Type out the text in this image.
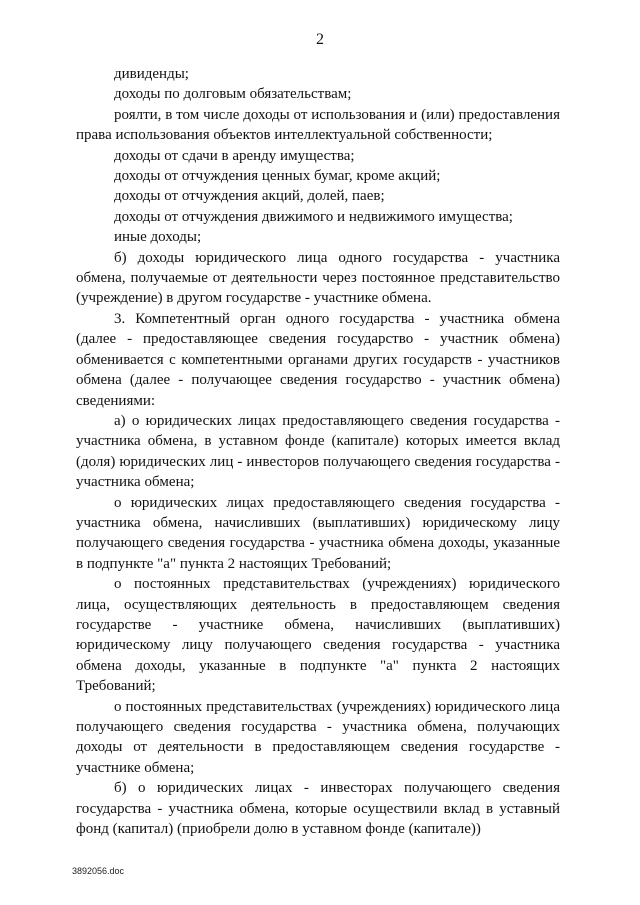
2

дивиденды;

доходы по долговым обязательствам;

роялти, в том числе доходы от использования и (или) предоставления права использования объектов интеллектуальной собственности;

доходы от сдачи в аренду имущества;

доходы от отчуждения ценных бумаг, кроме акций;

доходы от отчуждения акций, долей, паев;

доходы от отчуждения движимого и недвижимого имущества;

иные доходы;

б) доходы юридического лица одного государства - участника обмена, получаемые от деятельности через постоянное представительство (учреждение) в другом государстве - участнике обмена.

3. Компетентный орган одного государства - участника обмена (далее - предоставляющее сведения государство - участник обмена) обменивается с компетентными органами других государств - участников обмена (далее - получающее сведения государство - участник обмена) сведениями:

а) о юридических лицах предоставляющего сведения государства - участника обмена, в уставном фонде (капитале) которых имеется вклад (доля) юридических лиц - инвесторов получающего сведения государства - участника обмена;

о юридических лицах предоставляющего сведения государства - участника обмена, начисливших (выплативших) юридическому лицу получающего сведения государства - участника обмена доходы, указанные в подпункте "а" пункта 2 настоящих Требований;

о постоянных представительствах (учреждениях) юридического лица, осуществляющих деятельность в предоставляющем сведения государстве - участнике обмена, начисливших (выплативших) юридическому лицу получающего сведения государства - участника обмена доходы, указанные в подпункте "а" пункта 2 настоящих Требований;

о постоянных представительствах (учреждениях) юридического лица получающего сведения государства - участника обмена, получающих доходы от деятельности в предоставляющем сведения государстве - участнике обмена;

б) о юридических лицах - инвесторах получающего сведения государства - участника обмена, которые осуществили вклад в уставный фонд (капитал) (приобрели долю в уставном фонде (капитале))

3892056.doc
